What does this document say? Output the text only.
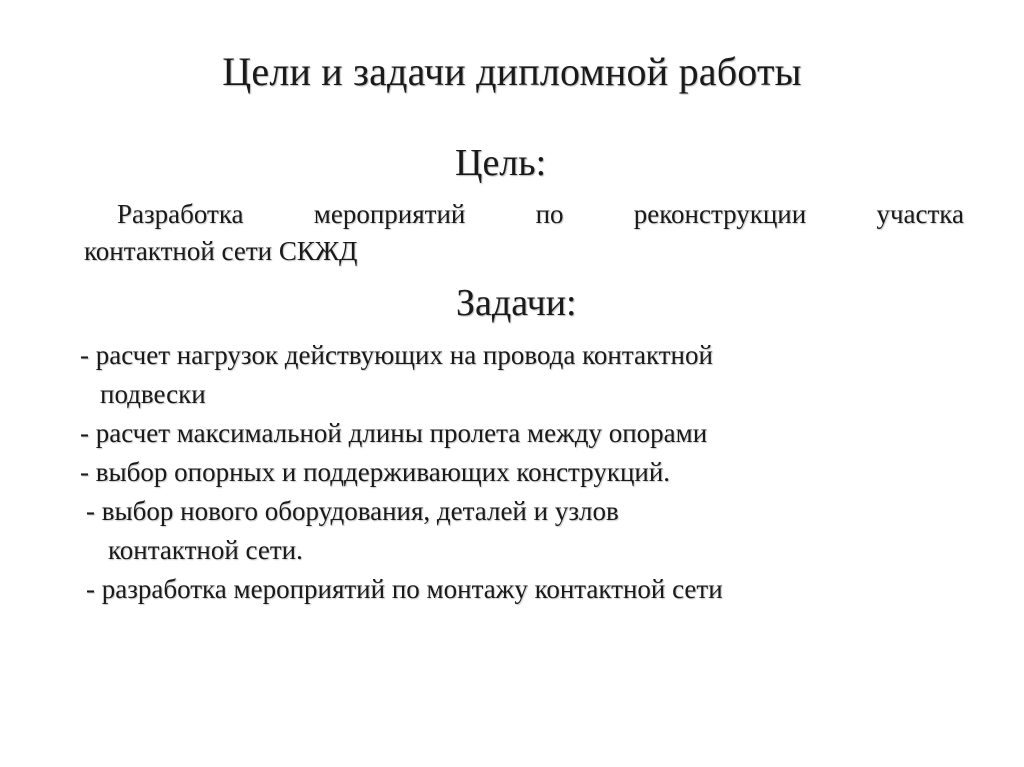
Цели и задачи дипломной работы
Цель:

Разработка мероприятий по реконструкции участка
контактной сети СКЖД

Задачи:
- расчет нагрузок действующих на провода контактной
подвески
- расчет максимальной длины пролета между опорами
- выбор опорных и поддерживающих конструкций.
- выбор нового оборудования, деталей и узлов
контактной сети.
- разработка мероприятий по монтажу контактной сети
